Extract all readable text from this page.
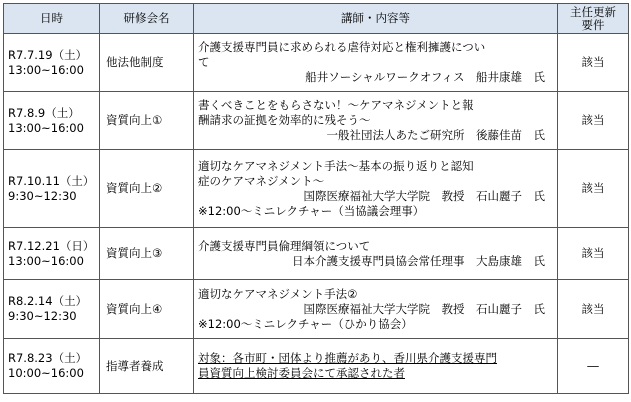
日時	研修会名	講師・内容等	主任更新
要件

R7.7.19（土）
13:00~16:00	他法他制度	介護支援専門員に求められる虐待対応と権利擁護につい
て
船井ソーシャルワークオフィス　船井康雄　氏	該当

R7.8.9（土）
13:00~16:00	資質向上①	書くべきことをもらさない！～ケアマネジメントと報
酬請求の証拠を効率的に残そう～
一般社団法人あたご研究所　後藤佳苗　氏	該当

R7.10.11（土）
9:30~12:30	資質向上②	適切なケアマネジメント手法～基本の振り返りと認知
症のケアマネジメント～
国際医療福祉大学大学院　教授　石山麗子　氏
※12:00～ミニレクチャー（当協議会理事）	該当

R7.12.21（日）
13:00~16:00	資質向上③	介護支援専門員倫理綱領について
日本介護支援専門員協会常任理事　大島康雄　氏	該当

R8.2.14（土）
9:30~12:30	資質向上④	適切なケアマネジメント手法②
国際医療福祉大学大学院　教授　石山麗子　氏
※12:00～ミニレクチャー（ひかり協会）	該当

R7.8.23（土）
10:00~16:00	指導者養成	対象：各市町・団体より推薦があり、香川県介護支援専門
員資質向上検討委員会にて承認された者	―
